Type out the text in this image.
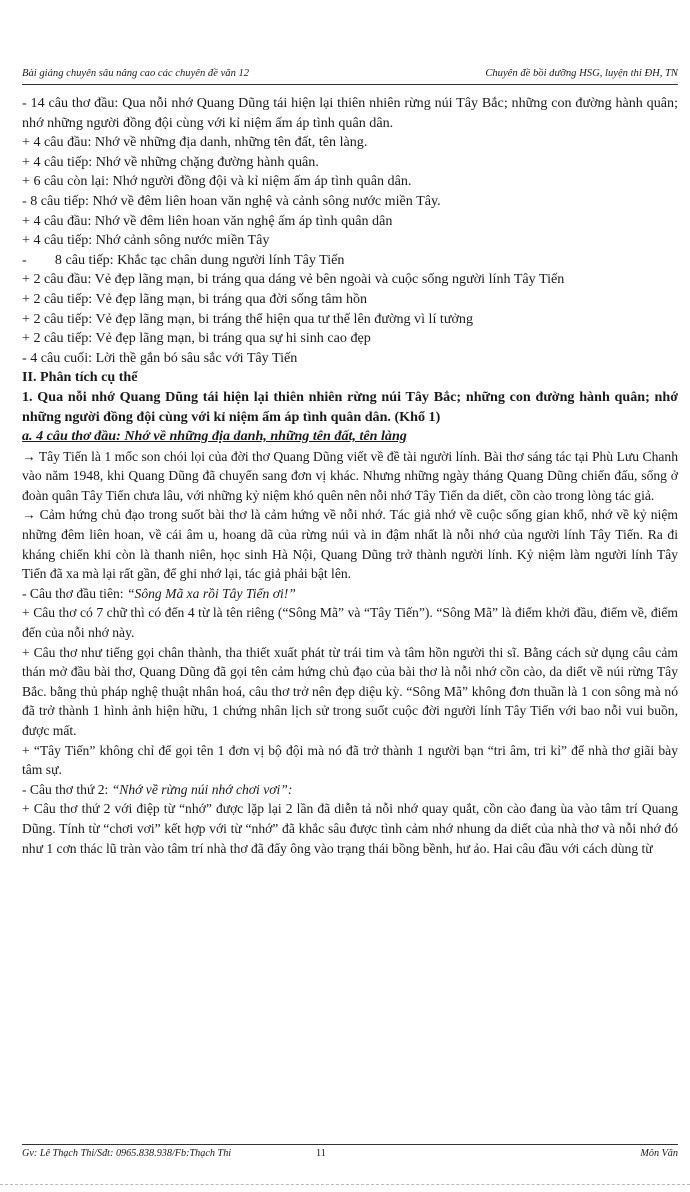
Bài giảng chuyên sâu nâng cao các chuyên đề văn 12	Chuyên đề bồi dưỡng HSG, luyện thi ĐH, TN

- 14 câu thơ đầu: Qua nỗi nhớ Quang Dũng tái hiện lại thiên nhiên rừng núi Tây Bắc; những con đường hành quân; nhớ những người đồng đội cùng với kỉ niệm ấm áp tình quân dân.

+ 4 câu đầu: Nhớ về những địa danh, những tên đất, tên làng.

+ 4 câu tiếp: Nhớ về những chặng đường hành quân.

+ 6 câu còn lại: Nhớ người đồng đội và kỉ niệm ấm áp tình quân dân.

- 8 câu tiếp: Nhớ về đêm liên hoan văn nghệ và cảnh sông nước miền Tây.

+ 4 câu đầu: Nhớ về đêm liên hoan văn nghệ ấm áp tình quân dân

+ 4 câu tiếp: Nhớ cảnh sông nước miền Tây

-        8 câu tiếp: Khắc tạc chân dung người lính Tây Tiến

+ 2 câu đầu: Vẻ đẹp lãng mạn, bi tráng qua dáng vẻ bên ngoài và cuộc sống người lính Tây Tiến

+ 2 câu tiếp: Vẻ đẹp lãng mạn, bi tráng qua đời sống tâm hồn

+ 2 câu tiếp: Vẻ đẹp lãng mạn, bi tráng thể hiện qua tư thế lên đường vì lí tưởng

+ 2 câu tiếp: Vẻ đẹp lãng mạn, bi tráng qua sự hi sinh cao đẹp

- 4 câu cuối: Lời thề gắn bó sâu sắc với Tây Tiến

II. Phân tích cụ thể

1. Qua nỗi nhớ Quang Dũng tái hiện lại thiên nhiên rừng núi Tây Bắc; những con đường hành quân; nhớ những người đồng đội cùng với kỉ niệm ấm áp tình quân dân. (Khổ 1)

a. 4 câu thơ đầu: Nhớ về những địa danh, những tên đất, tên làng

→ Tây Tiến là 1 mốc son chói lọi của đời thơ Quang Dũng viết về đề tài người lính. Bài thơ sáng tác tại Phù Lưu Chanh vào năm 1948, khi Quang Dũng đã chuyển sang đơn vị khác. Nhưng những ngày tháng Quang Dũng chiến đấu, sống ở đoàn quân Tây Tiến chưa lâu, với những kỷ niệm khó quên nên nỗi nhớ Tây Tiến da diết, cồn cào trong lòng tác giả.

→ Cảm hứng chủ đạo trong suốt bài thơ là cảm hứng về nỗi nhớ. Tác giả nhớ về cuộc sống gian khổ, nhớ về kỷ niệm những đêm liên hoan, về cái âm u, hoang dã của rừng núi và in đậm nhất là nỗi nhớ của người lính Tây Tiến. Ra đi kháng chiến khi còn là thanh niên, học sinh Hà Nội, Quang Dũng trở thành người lính. Kỷ niệm làm người lính Tây Tiến đã xa mà lại rất gần, để ghi nhớ lại, tác giả phải bật lên.

- Câu thơ đầu tiên: “Sông Mã xa rồi Tây Tiến ơi!”

+ Câu thơ có 7 chữ thì có đến 4 từ là tên riêng (“Sông Mã” và “Tây Tiến”). “Sông Mã” là điểm khởi đầu, điểm về, điểm đến của nỗi nhớ này.

+ Câu thơ như tiếng gọi chân thành, tha thiết xuất phát từ trái tim và tâm hồn người thi sĩ. Bằng cách sử dụng câu cảm thán mở đầu bài thơ, Quang Dũng đã gọi tên cảm hứng chủ đạo của bài thơ là nỗi nhớ cồn cào, da diết về núi rừng Tây Bắc. bằng thủ pháp nghệ thuật nhân hoá, câu thơ trở nên đẹp diệu kỳ. “Sông Mã” không đơn thuần là 1 con sông mà nó đã trở thành 1 hình ảnh hiện hữu, 1 chứng nhân lịch sử trong suốt cuộc đời người lính Tây Tiến với bao nỗi vui buồn, được mất.

+ “Tây Tiến” không chỉ để gọi tên 1 đơn vị bộ đội mà nó đã trở thành 1 người bạn “tri âm, tri kỉ” để nhà thơ giãi bày tâm sự.

- Câu thơ thứ 2: “Nhớ về rừng núi nhớ chơi vơi”:

+ Câu thơ thứ 2 với điệp từ “nhớ” được lặp lại 2 lần đã diễn tả nỗi nhớ quay quắt, cồn cào đang ùa vào tâm trí Quang Dũng. Tính từ “chơi vơi” kết hợp với từ “nhớ” đã khắc sâu được tình cảm nhớ nhung da diết của nhà thơ và nỗi nhớ đó như 1 cơn thác lũ tràn vào tâm trí nhà thơ đã đẩy ông vào trạng thái bồng bềnh, hư ảo. Hai câu đầu với cách dùng từ

Gv: Lê Thạch Thi/Sđt: 0965.838.938/Fb:Thạch Thi	11	Môn Văn
